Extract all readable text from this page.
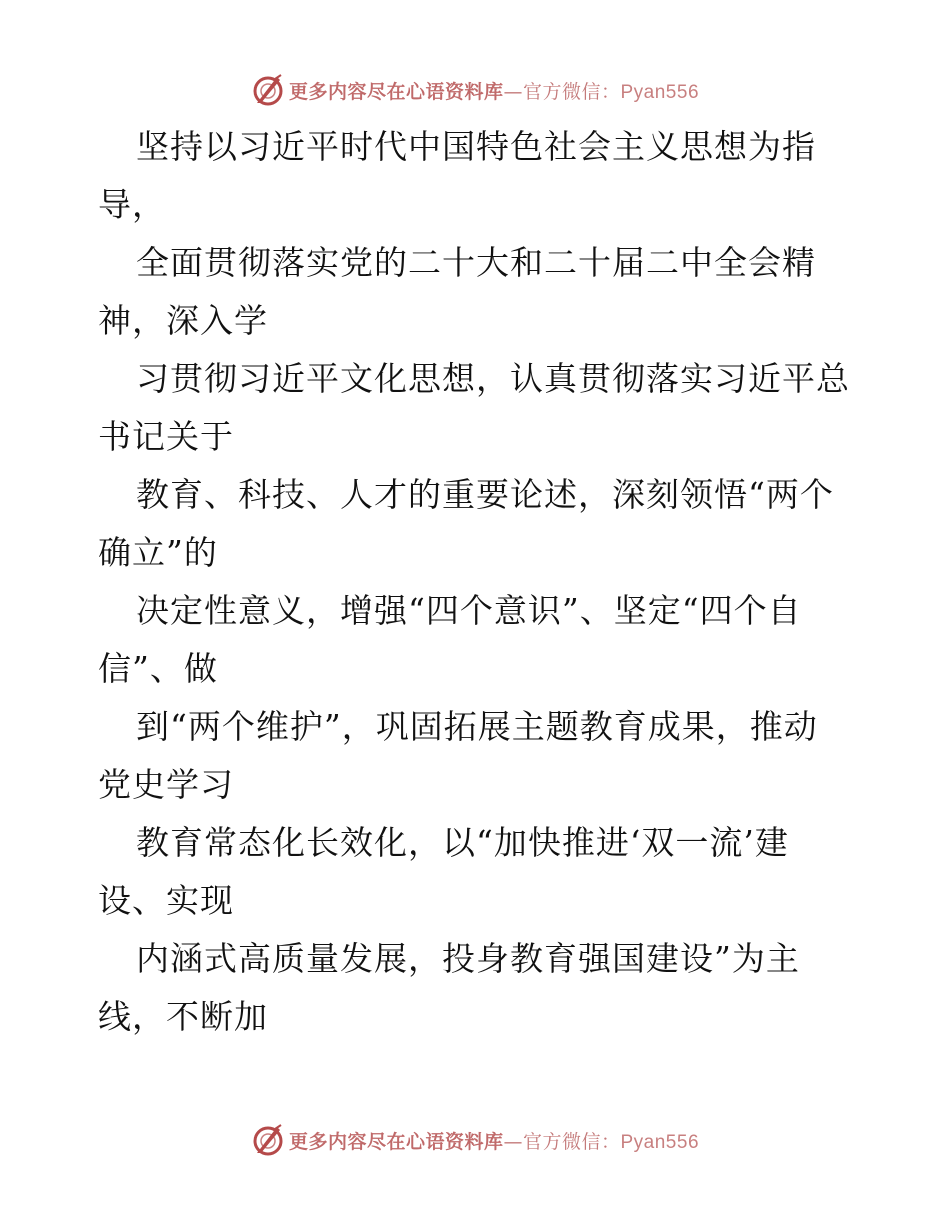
更多内容尽在心语资料库—官方微信：Pyan556

坚持以习近平时代中国特色社会主义思想为指
导，

全面贯彻落实党的二十大和二十届二中全会精
神，深入学

习贯彻习近平文化思想，认真贯彻落实习近平总
书记关于

教育、科技、人才的重要论述，深刻领悟“两个
确立”的

决定性意义，增强“四个意识”、坚定“四个自
信”、做

到“两个维护”，巩固拓展主题教育成果，推动
党史学习

教育常态化长效化，以“加快推进‘双一流’建
设、实现

内涵式高质量发展，投身教育强国建设”为主
线，不断加

更多内容尽在心语资料库—官方微信：Pyan556
